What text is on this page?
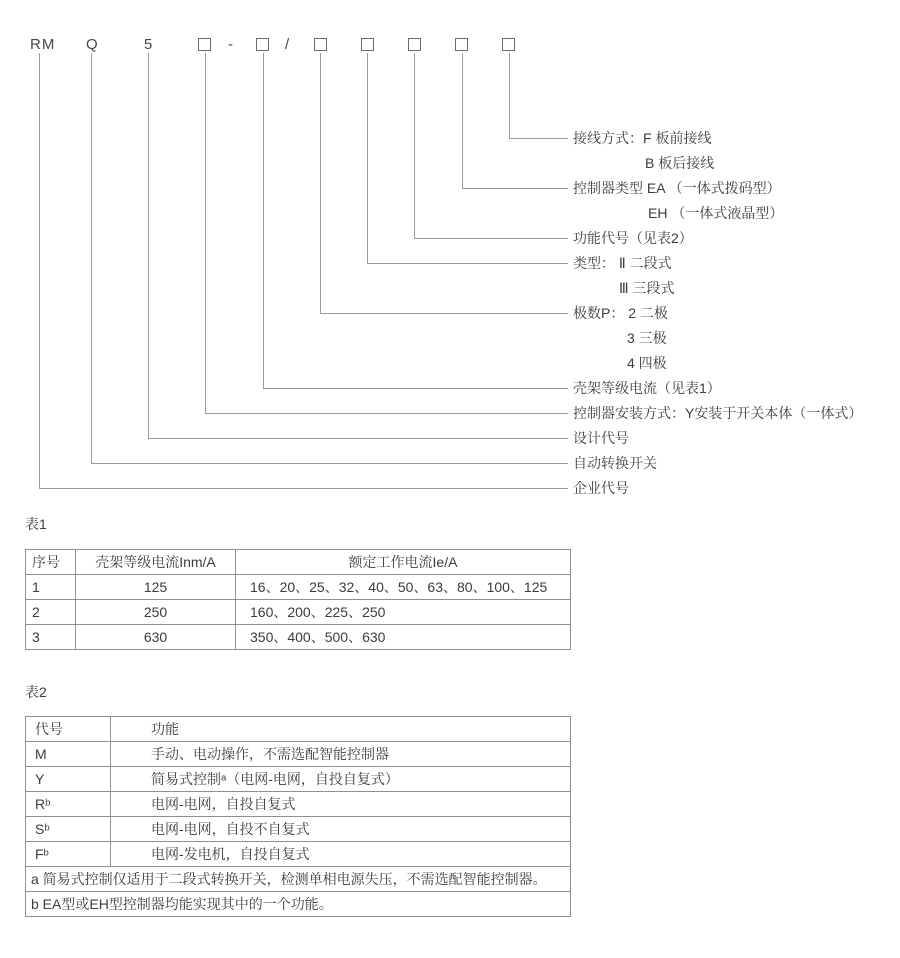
RM Q	5	-	/
接线方式：F 板前接线
B 板后接线
控制器类型 EA （一体式拨码型）
EH （一体式液晶型）
功能代号（见表2）
类型： Ⅱ 二段式
Ⅲ 三段式
极数P： 2 二极
3 三极
4 四极
壳架等级电流（见表1）
控制器安装方式：Y安装于开关本体（一体式）
设计代号
自动转换开关
企业代号
表1
序号	壳架等级电流Inm/A	额定工作电流Ie/A
1	125	16、20、25、32、40、50、63、80、100、125
2	250	160、200、225、250
3	630	350、400、500、630
表2
代号	功能
M	手动、电动操作，不需选配智能控制器
Y	简易式控制ᵃ（电网-电网，自投自复式）
Rᵇ	电网-电网，自投自复式
Sᵇ	电网-电网，自投不自复式
Fᵇ	电网-发电机，自投自复式
a 简易式控制仅适用于二段式转换开关，检测单相电源失压，不需选配智能控制器。	
b EA型或EH型控制器均能实现其中的一个功能。	
